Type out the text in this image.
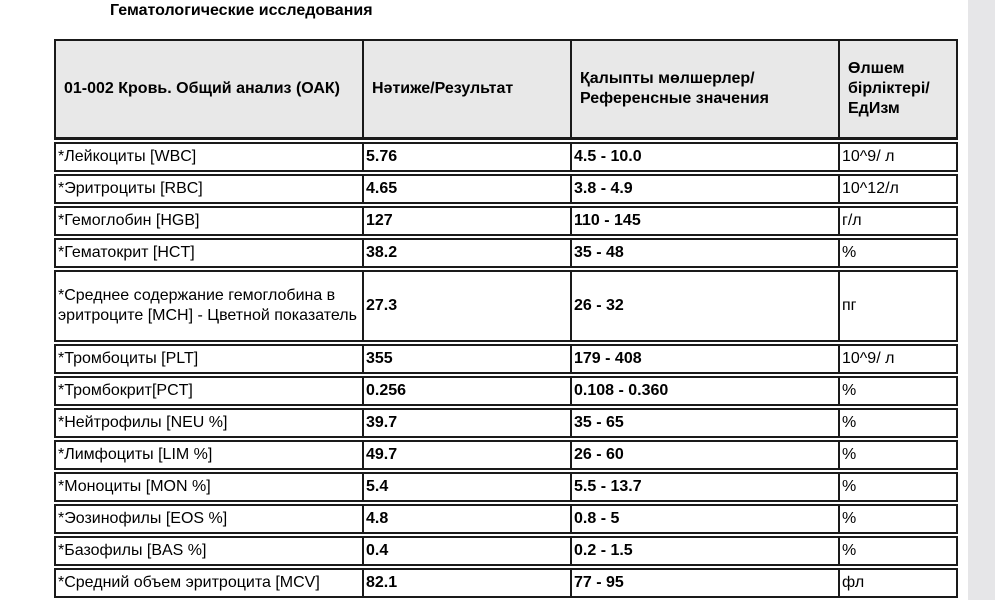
Гематологические исследования
01-002 Кровь. Общий анализ (ОАК)	Нәтиже/Результат	Қалыпты мөлшерлер/Референсные значения	Өлшем бірліктері/ ЕдИзм
*Лейкоциты [WBC]	5.76	4.5 - 10.0	10^9/ л
*Эритроциты [RBC]	4.65	3.8 - 4.9	10^12/л
*Гемоглобин [HGB]	127	110 - 145	г/л
*Гематокрит [HCT]	38.2	35 - 48	%
*Среднее содержание гемоглобина в эритроците [MCH] - Цветной показатель	27.3	26 - 32	пг
*Тромбоциты [PLT]	355	179 - 408	10^9/ л
*Тромбокрит[PCT]	0.256	0.108 - 0.360	%
*Нейтрофилы [NEU %]	39.7	35 - 65	%
*Лимфоциты [LIM %]	49.7	26 - 60	%
*Моноциты [MON %]	5.4	5.5 - 13.7	%
*Эозинофилы [EOS %]	4.8	0.8 - 5	%
*Базофилы [BAS %]	0.4	0.2 - 1.5	%
*Средний объем эритроцита [MCV]	82.1	77 - 95	фл
